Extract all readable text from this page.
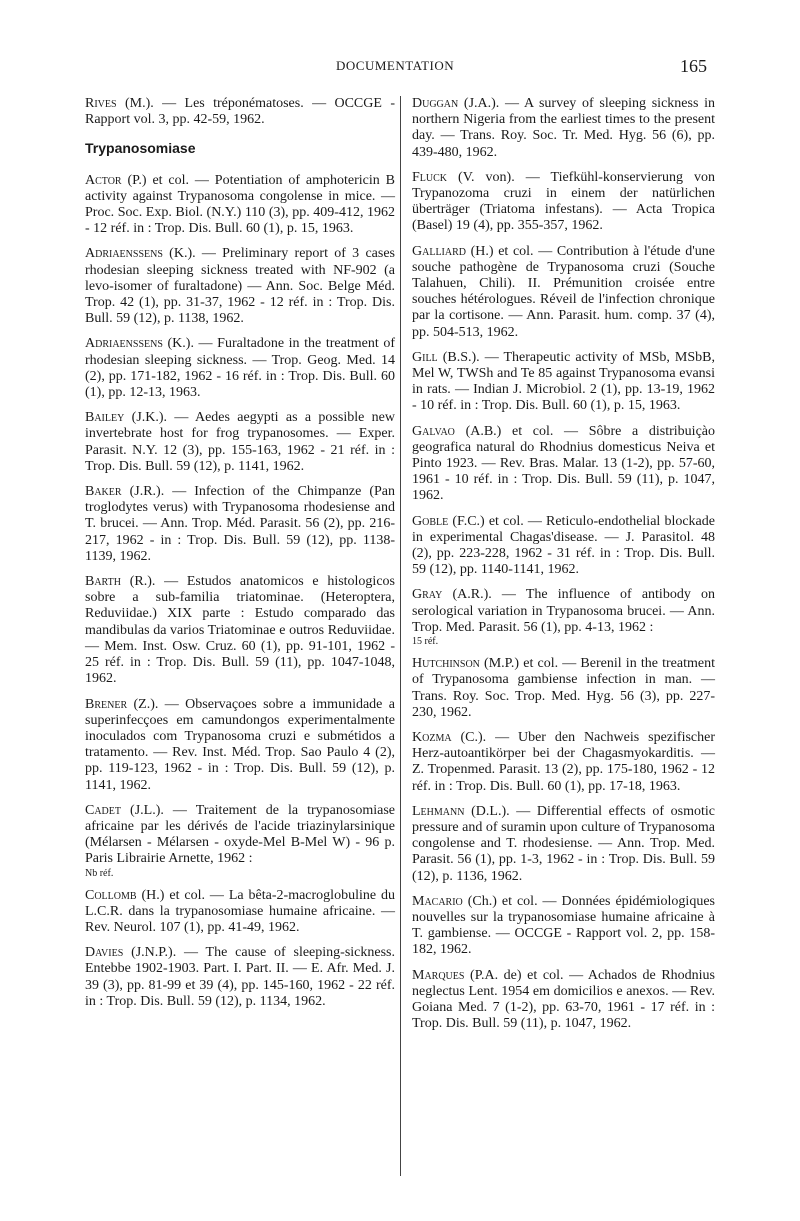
DOCUMENTATION	165
Rives (M.). — Les tréponématoses. — OCCGE - Rapport vol. 3, pp. 42-59, 1962.
Trypanosomiase
Actor (P.) et col. — Potentiation of amphotericin B activity against Trypanosoma congolense in mice. — Proc. Soc. Exp. Biol. (N.Y.) 110 (3), pp. 409-412, 1962 - 12 réf. in : Trop. Dis. Bull. 60 (1), p. 15, 1963.
Adriaenssens (K.). — Preliminary report of 3 cases rhodesian sleeping sickness treated with NF-902 (a levo-isomer of furaltadone) — Ann. Soc. Belge Méd. Trop. 42 (1), pp. 31-37, 1962 - 12 réf. in : Trop. Dis. Bull. 59 (12), p. 1138, 1962.
Adriaenssens (K.). — Furaltadone in the treatment of rhodesian sleeping sickness. — Trop. Geog. Med. 14 (2), pp. 171-182, 1962 - 16 réf. in : Trop. Dis. Bull. 60 (1), pp. 12-13, 1963.
Bailey (J.K.). — Aedes aegypti as a possible new invertebrate host for frog trypanosomes. — Exper. Parasit. N.Y. 12 (3), pp. 155-163, 1962 - 21 réf. in : Trop. Dis. Bull. 59 (12), p. 1141, 1962.
Baker (J.R.). — Infection of the Chimpanze (Pan troglodytes verus) with Trypanosoma rhodesiense and T. brucei. — Ann. Trop. Méd. Parasit. 56 (2), pp. 216-217, 1962 - in : Trop. Dis. Bull. 59 (12), pp. 1138-1139, 1962.
Barth (R.). — Estudos anatomicos e histologicos sobre a sub-familia triatominae. (Heteroptera, Reduviidae.) XIX parte : Estudo comparado das mandibulas da varios Triatominae e outros Reduviidae. — Mem. Inst. Osw. Cruz. 60 (1), pp. 91-101, 1962 - 25 réf. in : Trop. Dis. Bull. 59 (11), pp. 1047-1048, 1962.
Brener (Z.). — Observaçoes sobre a immunidade a superinfecçoes em camundongos experimentalmente inoculados com Trypanosoma cruzi e submétidos a tratamento. — Rev. Inst. Méd. Trop. Sao Paulo 4 (2), pp. 119-123, 1962 - in : Trop. Dis. Bull. 59 (12), p. 1141, 1962.
Cadet (J.L.). — Traitement de la trypanosomiase africaine par les dérivés de l'acide triazinylarsinique (Mélarsen - Mélarsen - oxyde-Mel B-Mel W) - 96 p. Paris Librairie Arnette, 1962 :
Nb réf.
Collomb (H.) et col. — La bêta-2-macroglobuline du L.C.R. dans la trypanosomiase humaine africaine. — Rev. Neurol. 107 (1), pp. 41-49, 1962.
Davies (J.N.P.). — The cause of sleeping-sickness. Entebbe 1902-1903. Part. I. Part. II. — E. Afr. Med. J. 39 (3), pp. 81-99 et 39 (4), pp. 145-160, 1962 - 22 réf. in : Trop. Dis. Bull. 59 (12), p. 1134, 1962.
Duggan (J.A.). — A survey of sleeping sickness in northern Nigeria from the earliest times to the present day. — Trans. Roy. Soc. Tr. Med. Hyg. 56 (6), pp. 439-480, 1962.
Fluck (V. von). — Tiefkühl-konservierung von Trypanozoma cruzi in einem der natürlichen überträger (Triatoma infestans). — Acta Tropica (Basel) 19 (4), pp. 355-357, 1962.
Galliard (H.) et col. — Contribution à l'étude d'une souche pathogène de Trypanosoma cruzi (Souche Talahuen, Chili). II. Prémunition croisée entre souches hétérologues. Réveil de l'infection chronique par la cortisone. — Ann. Parasit. hum. comp. 37 (4), pp. 504-513, 1962.
Gill (B.S.). — Therapeutic activity of MSb, MSbB, Mel W, TWSh and Te 85 against Trypanosoma evansi in rats. — Indian J. Microbiol. 2 (1), pp. 13-19, 1962 - 10 réf. in : Trop. Dis. Bull. 60 (1), p. 15, 1963.
Galvao (A.B.) et col. — Sôbre a distribuiçào geografica natural do Rhodnius domesticus Neiva et Pinto 1923. — Rev. Bras. Malar. 13 (1-2), pp. 57-60, 1961 - 10 réf. in : Trop. Dis. Bull. 59 (11), p. 1047, 1962.
Goble (F.C.) et col. — Reticulo-endothelial blockade in experimental Chagas'disease. — J. Parasitol. 48 (2), pp. 223-228, 1962 - 31 réf. in : Trop. Dis. Bull. 59 (12), pp. 1140-1141, 1962.
Gray (A.R.). — The influence of antibody on serological variation in Trypanosoma brucei. — Ann. Trop. Med. Parasit. 56 (1), pp. 4-13, 1962 :
15 réf.
Hutchinson (M.P.) et col. — Berenil in the treatment of Trypanosoma gambiense infection in man. — Trans. Roy. Soc. Trop. Med. Hyg. 56 (3), pp. 227-230, 1962.
Kozma (C.). — Uber den Nachweis spezifischer Herz-autoantikörper bei der Chagasmyokarditis. — Z. Tropenmed. Parasit. 13 (2), pp. 175-180, 1962 - 12 réf. in : Trop. Dis. Bull. 60 (1), pp. 17-18, 1963.
Lehmann (D.L.). — Differential effects of osmotic pressure and of suramin upon culture of Trypanosoma congolense and T. rhodesiense. — Ann. Trop. Med. Parasit. 56 (1), pp. 1-3, 1962 - in : Trop. Dis. Bull. 59 (12), p. 1136, 1962.
Macario (Ch.) et col. — Données épidémiologiques nouvelles sur la trypanosomiase humaine africaine à T. gambiense. — OCCGE - Rapport vol. 2, pp. 158-182, 1962.
Marques (P.A. de) et col. — Achados de Rhodnius neglectus Lent. 1954 em domicilios e anexos. — Rev. Goiana Med. 7 (1-2), pp. 63-70, 1961 - 17 réf. in : Trop. Dis. Bull. 59 (11), p. 1047, 1962.
